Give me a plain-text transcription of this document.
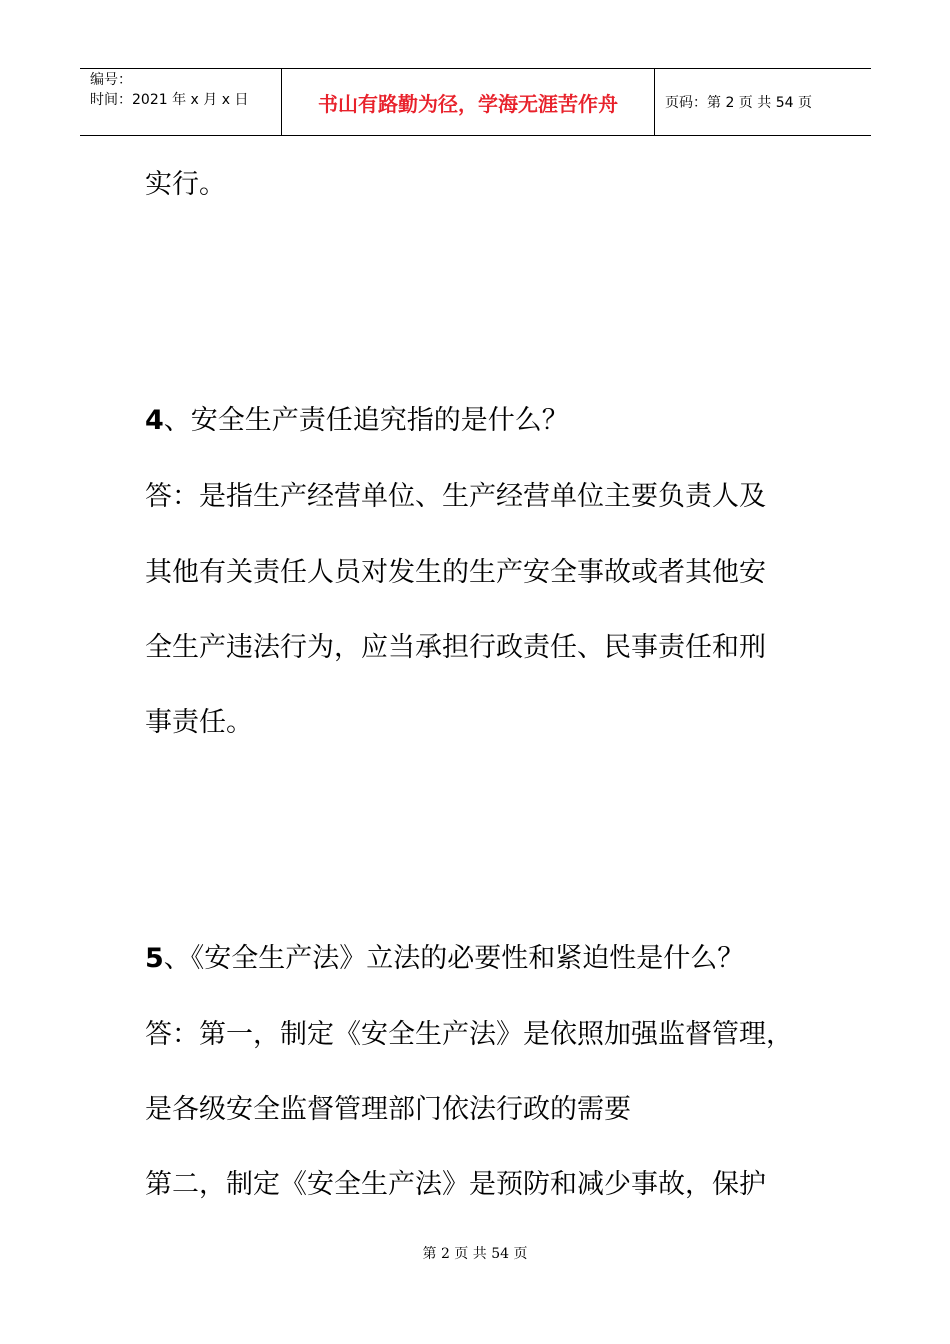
编号：
时间：2021 年 x 月 x 日	书山有路勤为径，学海无涯苦作舟	页码：第 2 页 共 54 页
实行。
4、安全生产责任追究指的是什么？
答：是指生产经营单位、生产经营单位主要负责人及
其他有关责任人员对发生的生产安全事故或者其他安
全生产违法行为，应当承担行政责任、民事责任和刑
事责任。
5、《安全生产法》立法的必要性和紧迫性是什么？
答：第一，制定《安全生产法》是依照加强监督管理，
是各级安全监督管理部门依法行政的需要
第二，制定《安全生产法》是预防和减少事故，保护
第 2 页 共 54 页
